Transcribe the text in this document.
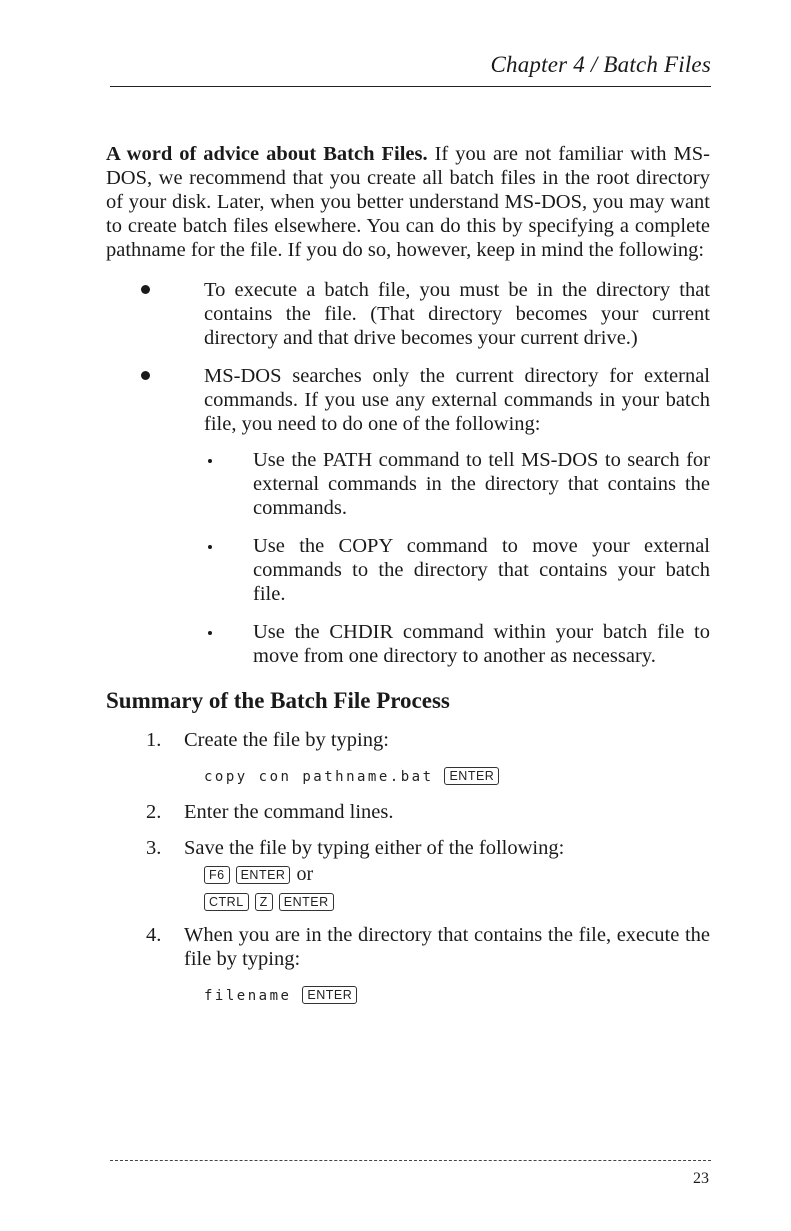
Chapter 4 / Batch Files

A word of advice about Batch Files. If you are not familiar with MS-DOS, we recommend that you create all batch files in the root directory of your disk. Later, when you better understand MS-DOS, you may want to create batch files elsewhere. You can do this by specifying a complete pathname for the file. If you do so, however, keep in mind the following:

To execute a batch file, you must be in the directory that contains the file. (That directory becomes your current directory and that drive becomes your current drive.)
MS-DOS searches only the current directory for external commands. If you use any external commands in your batch file, you need to do one of the following:
Use the PATH command to tell MS-DOS to search for external commands in the directory that contains the commands.
Use the COPY command to move your external commands to the directory that contains your batch file.
Use the CHDIR command within your batch file to move from one directory to another as necessary.
Summary of the Batch File Process
1. Create the file by typing:
copy con pathname.bat ENTER
2. Enter the command lines.
3. Save the file by typing either of the following:
F6 ENTER or
CTRL Z ENTER
4. When you are in the directory that contains the file, execute the file by typing:
filename ENTER
23
